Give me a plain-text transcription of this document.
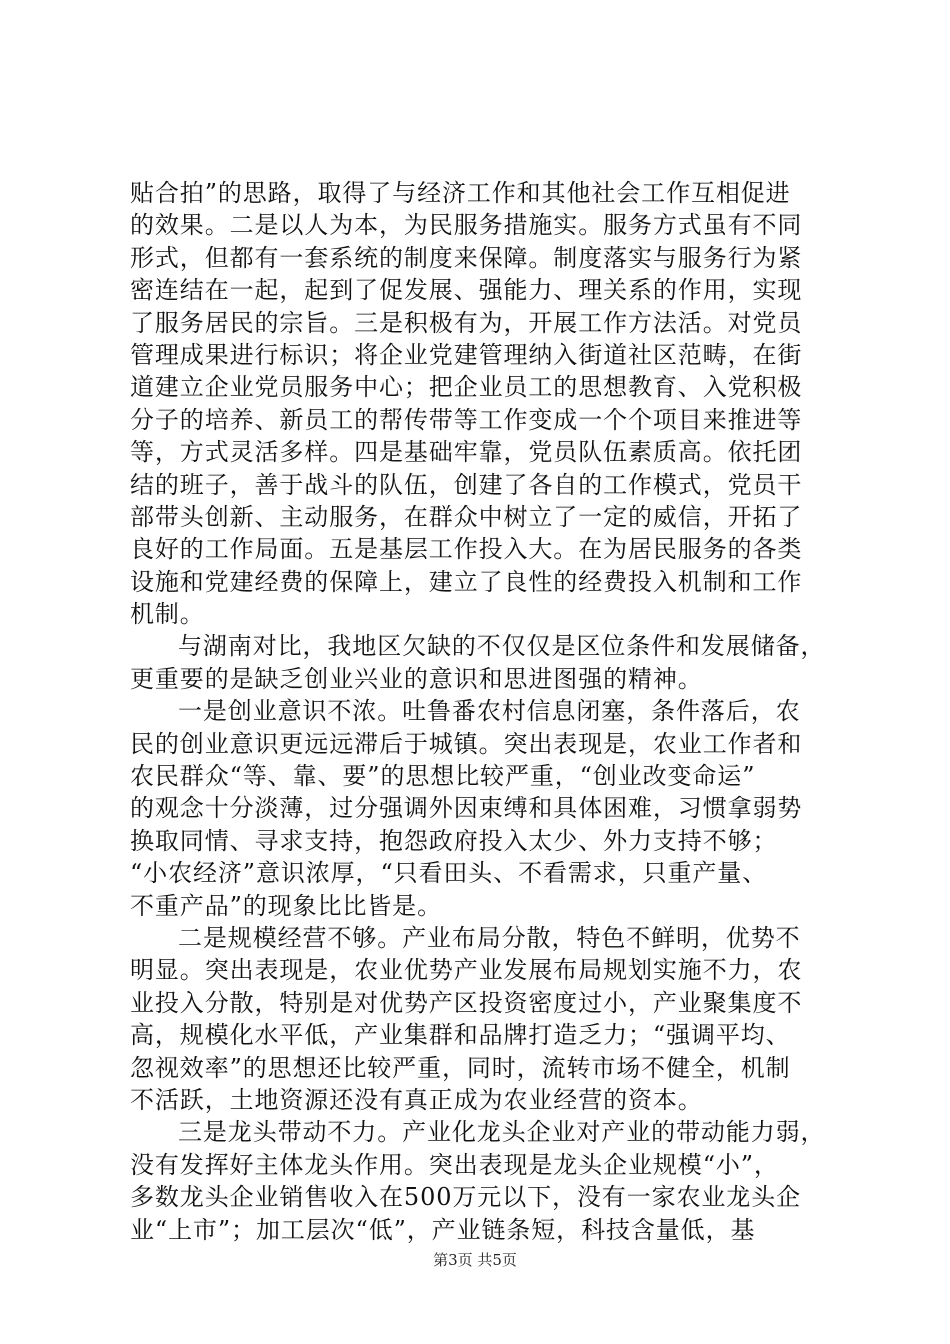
贴合拍”的思路，取得了与经济工作和其他社会工作互相促进
的效果。二是以人为本，为民服务措施实。服务方式虽有不同
形式，但都有一套系统的制度来保障。制度落实与服务行为紧
密连结在一起，起到了促发展、强能力、理关系的作用，实现
了服务居民的宗旨。三是积极有为，开展工作方法活。对党员
管理成果进行标识；将企业党建管理纳入街道社区范畴，在街
道建立企业党员服务中心；把企业员工的思想教育、入党积极
分子的培养、新员工的帮传带等工作变成一个个项目来推进等
等，方式灵活多样。四是基础牢靠，党员队伍素质高。依托团
结的班子，善于战斗的队伍，创建了各自的工作模式，党员干
部带头创新、主动服务，在群众中树立了一定的威信，开拓了
良好的工作局面。五是基层工作投入大。在为居民服务的各类
设施和党建经费的保障上，建立了良性的经费投入机制和工作
机制。
与湖南对比，我地区欠缺的不仅仅是区位条件和发展储备，
更重要的是缺乏创业兴业的意识和思进图强的精神。
一是创业意识不浓。吐鲁番农村信息闭塞，条件落后，农
民的创业意识更远远滞后于城镇。突出表现是，农业工作者和
农民群众“等、靠、要”的思想比较严重，“创业改变命运”
的观念十分淡薄，过分强调外因束缚和具体困难，习惯拿弱势
换取同情、寻求支持，抱怨政府投入太少、外力支持不够；
“小农经济”意识浓厚，“只看田头、不看需求，只重产量、
不重产品”的现象比比皆是。
二是规模经营不够。产业布局分散，特色不鲜明，优势不
明显。突出表现是，农业优势产业发展布局规划实施不力，农
业投入分散，特别是对优势产区投资密度过小，产业聚集度不
高，规模化水平低，产业集群和品牌打造乏力；“强调平均、
忽视效率”的思想还比较严重，同时，流转市场不健全，机制
不活跃，土地资源还没有真正成为农业经营的资本。
三是龙头带动不力。产业化龙头企业对产业的带动能力弱，
没有发挥好主体龙头作用。突出表现是龙头企业规模“小”，
多数龙头企业销售收入在500万元以下，没有一家农业龙头企
业“上市”；加工层次“低”，产业链条短，科技含量低，基
第3页 共5页
